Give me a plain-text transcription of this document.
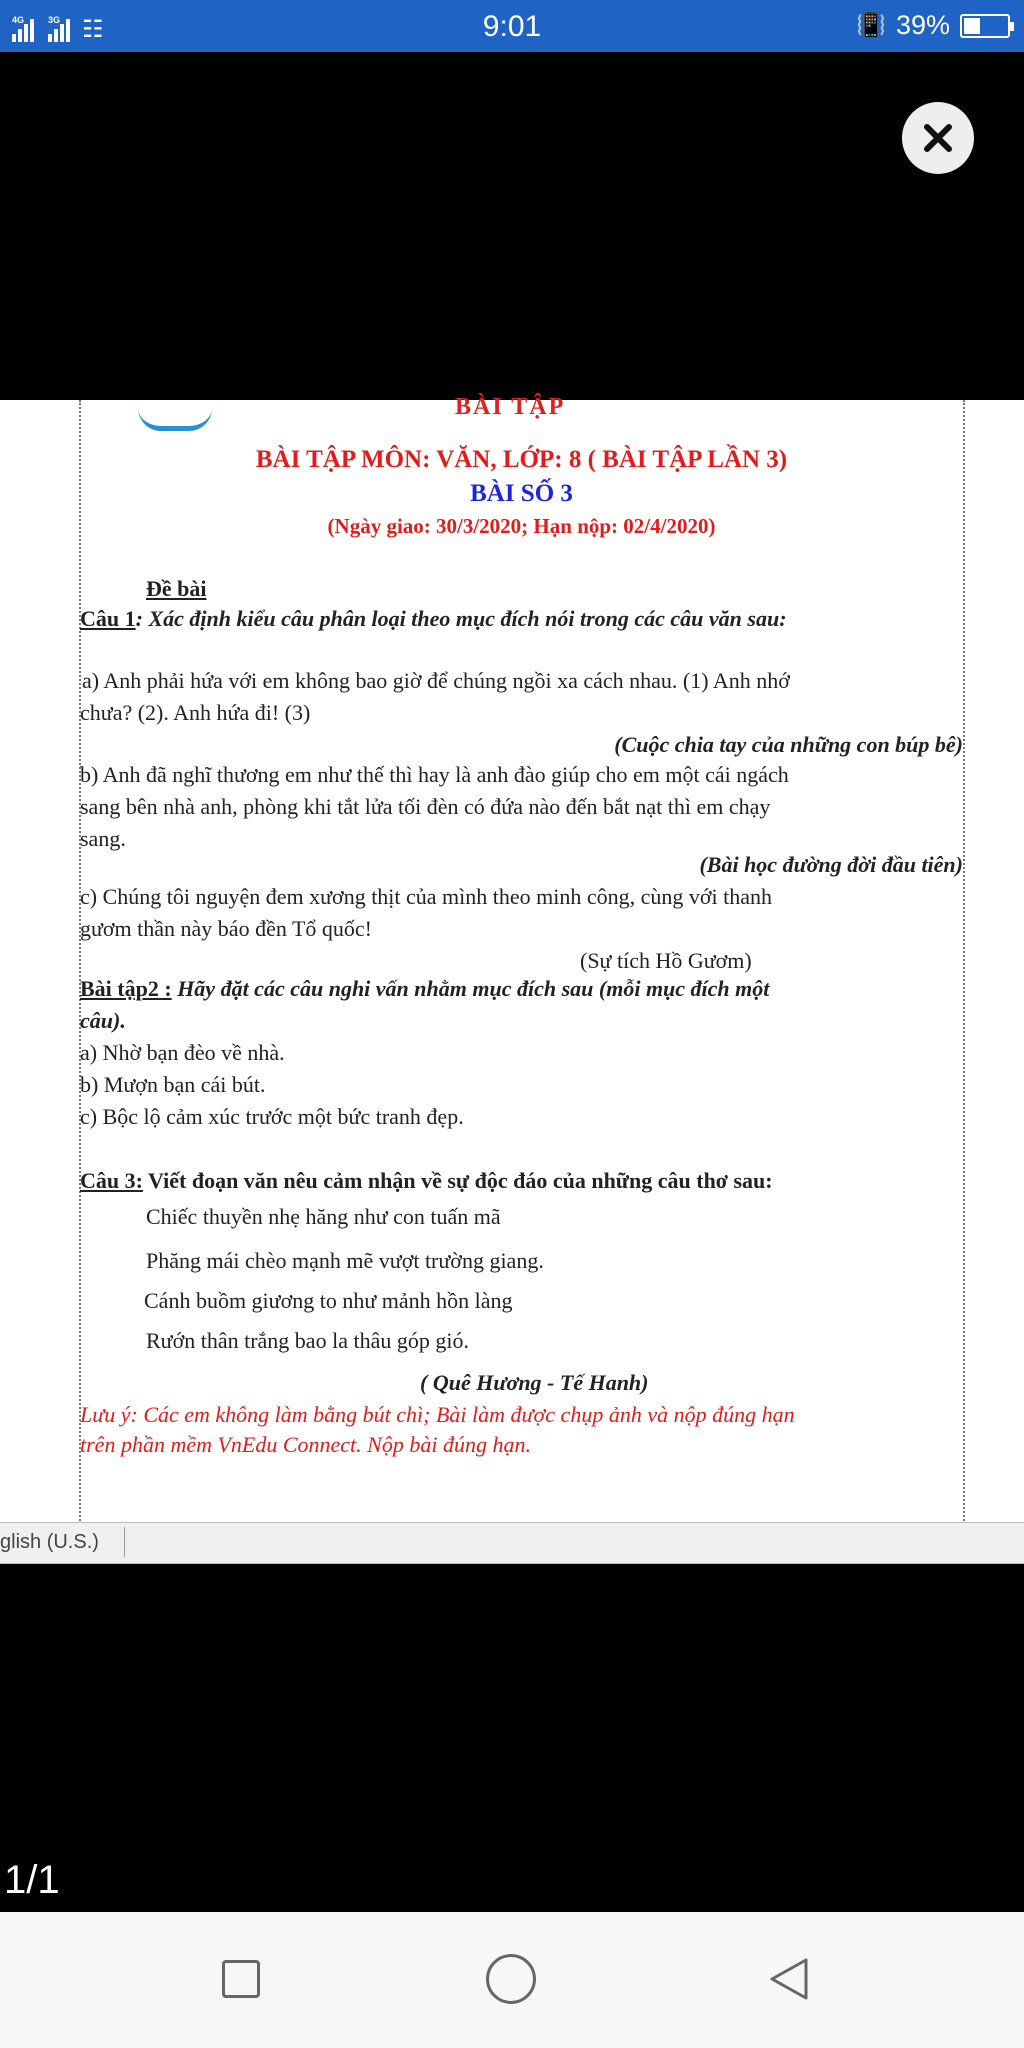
4G	3G ☷	9:01	📳 39%
BÀI TẬP
BÀI TẬP MÔN: VĂN, LỚP: 8 ( BÀI TẬP LẦN 3)
BÀI SỐ 3
(Ngày giao: 30/3/2020; Hạn nộp: 02/4/2020)
Đề bài
Câu 1: Xác định kiểu câu phân loại theo mục đích nói trong các câu văn sau:
a) Anh phải hứa với em không bao giờ để chúng ngồi xa cách nhau. (1) Anh nhớ
chưa? (2). Anh hứa đi! (3)
(Cuộc chia tay của những con búp bê)
b) Anh đã nghĩ thương em như thế thì hay là anh đào giúp cho em một cái ngách
sang bên nhà anh, phòng khi tắt lửa tối đèn có đứa nào đến bắt nạt thì em chạy
sang.
(Bài học đường đời đầu tiên)
c) Chúng tôi nguyện đem xương thịt của mình theo minh công, cùng với thanh
gươm thần này báo đền Tổ quốc!
(Sự tích Hồ Gươm)
Bài tập2 : Hãy đặt các câu nghi vấn nhằm mục đích sau (mỗi mục đích một
câu).
a) Nhờ bạn đèo về nhà.
b) Mượn bạn cái bút.
c) Bộc lộ cảm xúc trước một bức tranh đẹp.
Câu 3: Viết đoạn văn nêu cảm nhận về sự độc đáo của những câu thơ sau:
Chiếc thuyền nhẹ hăng như con tuấn mã
Phăng mái chèo mạnh mẽ vượt trường giang.
Cánh buồm giương to như mảnh hồn làng
Rướn thân trắng bao la thâu góp gió.
( Quê Hương - Tế Hanh)
Lưu ý: Các em không làm bằng bút chì; Bài làm được chụp ảnh và nộp đúng hạn
trên phần mềm VnEdu Connect. Nộp bài đúng hạn.
glish (U.S.)
1/1
